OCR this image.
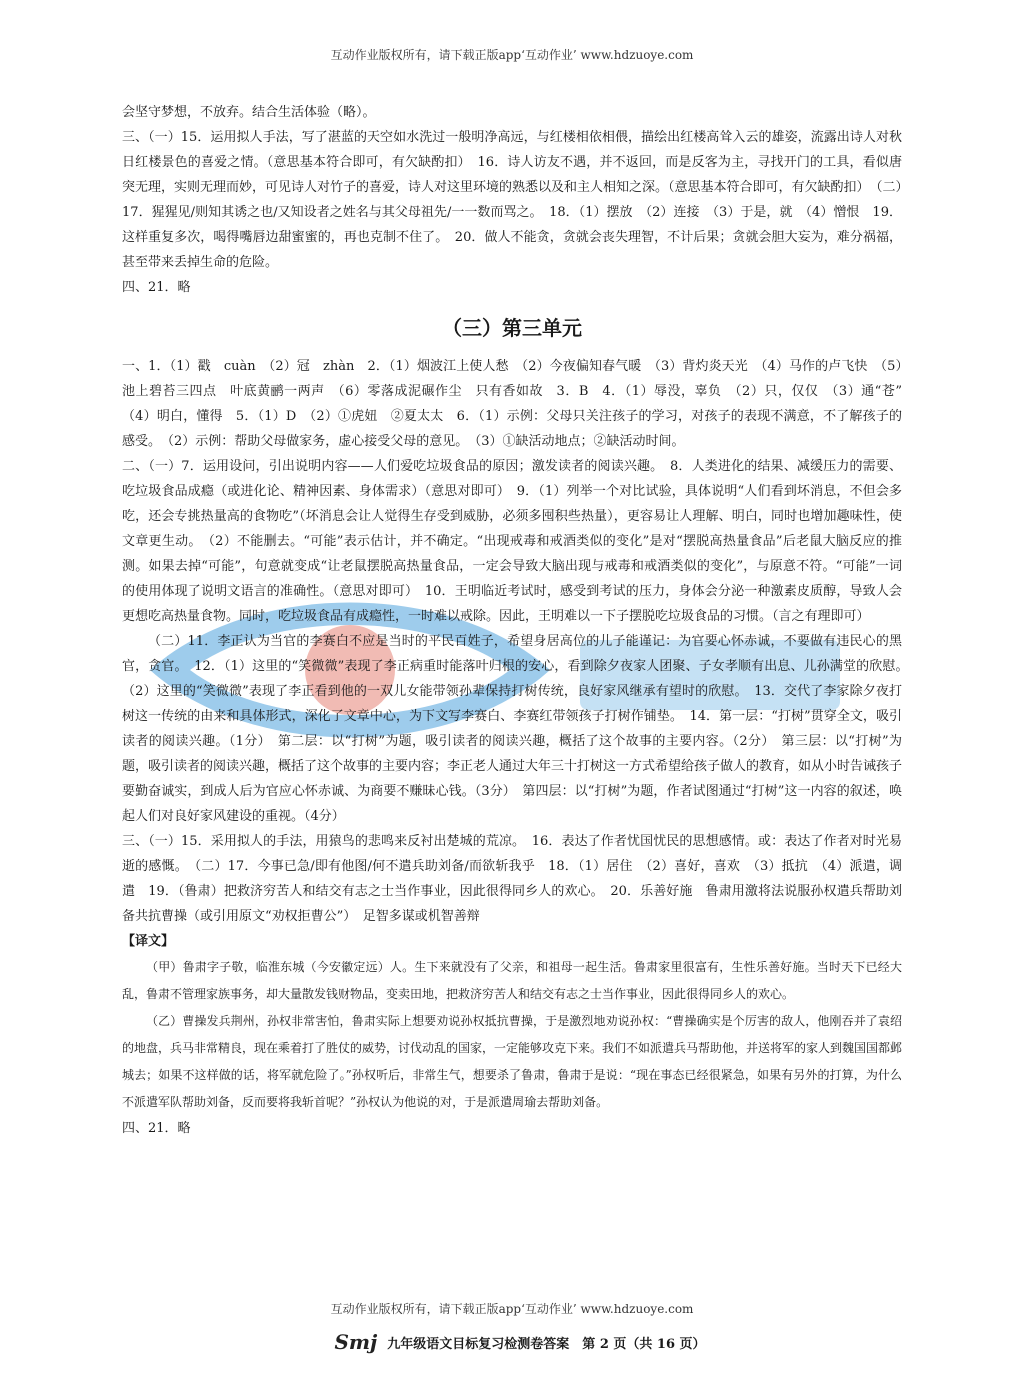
互动作业版权所有，请下载正版app‘互动作业’ www.hdzuoye.com

会坚守梦想，不放弃。结合生活体验（略）。

三、（一）15．运用拟人手法，写了湛蓝的天空如水洗过一般明净高远，与红楼相依相偎，描绘出红楼高耸入云的雄姿，流露出诗人对秋日红楼景色的喜爱之情。（意思基本符合即可，有欠缺酌扣）　16．诗人访友不遇，并不返回，而是反客为主，寻找开门的工具，看似唐突无理，实则无理而妙，可见诗人对竹子的喜爱，诗人对这里环境的熟悉以及和主人相知之深。（意思基本符合即可，有欠缺酌扣）　（二）17．猩猩见/则知其诱之也/又知设者之姓名与其父母祖先/一一数而骂之。　18．（1）摆放　（2）连接　（3）于是，就　（4）憎恨　19．这样重复多次，喝得嘴唇边甜蜜蜜的，再也克制不住了。　20．做人不能贪，贪就会丧失理智，不计后果；贪就会胆大妄为，难分祸福，甚至带来丢掉生命的危险。

四、21．略

（三）第三单元

一、1．（1）戳　cuàn　（2）冠　zhàn　2．（1）烟波江上使人愁　（2）今夜偏知春气暖　（3）背灼炎天光　（4）马作的卢飞快　（5）池上碧苔三四点　叶底黄鹂一两声　（6）零落成泥碾作尘　只有香如故　3．B　4．（1）辱没，辜负　（2）只，仅仅　（3）通“苍”　（4）明白，懂得　5．（1）D　（2）①虎妞　②夏太太　6．（1）示例：父母只关注孩子的学习，对孩子的表现不满意，不了解孩子的感受。　（2）示例：帮助父母做家务，虚心接受父母的意见。　（3）①缺活动地点；②缺活动时间。

二、（一）7．运用设问，引出说明内容——人们爱吃垃圾食品的原因；激发读者的阅读兴趣。　8．人类进化的结果、减缓压力的需要、吃垃圾食品成瘾（或进化论、精神因素、身体需求）（意思对即可）　9．（1）列举一个对比试验，具体说明“人们看到坏消息，不但会多吃，还会专挑热量高的食物吃”（坏消息会让人觉得生存受到威胁，必须多囤积些热量），更容易让人理解、明白，同时也增加趣味性，使文章更生动。　（2）不能删去。“可能”表示估计，并不确定。“出现戒毒和戒酒类似的变化”是对“摆脱高热量食品”后老鼠大脑反应的推测。如果去掉“可能”，句意就变成“让老鼠摆脱高热量食品，一定会导致大脑出现与戒毒和戒酒类似的变化”，与原意不符。“可能”一词的使用体现了说明文语言的准确性。（意思对即可）　10．王明临近考试时，感受到考试的压力，身体会分泌一种激素皮质醇，导致人会更想吃高热量食物。同时，吃垃圾食品有成瘾性，一时难以戒除。因此，王明难以一下子摆脱吃垃圾食品的习惯。（言之有理即可）

（二）11．李正认为当官的李赛白不应是当时的平民百姓子，希望身居高位的儿子能谨记：为官要心怀赤诚，不要做有违民心的黑官，贪官。　12．（1）这里的“笑微微”表现了李正病重时能落叶归根的安心，看到除夕夜家人团聚、子女孝顺有出息、儿孙满堂的欣慰。　（2）这里的“笑微微”表现了李正看到他的一双儿女能带领孙辈保持打树传统，良好家风继承有望时的欣慰。　13．交代了李家除夕夜打树这一传统的由来和具体形式，深化了文章中心，为下文写李赛白、李赛红带领孩子打树作铺垫。　14．第一层：“打树”贯穿全文，吸引读者的阅读兴趣。（1分）　第二层：以“打树”为题，吸引读者的阅读兴趣，概括了这个故事的主要内容。（2分）　第三层：以“打树”为题，吸引读者的阅读兴趣，概括了这个故事的主要内容；李正老人通过大年三十打树这一方式希望给孩子做人的教育，如从小时告诫孩子要勤奋诚实，到成人后为官应心怀赤诚、为商要不赚昧心钱。（3分）　第四层：以“打树”为题，作者试图通过“打树”这一内容的叙述，唤起人们对良好家风建设的重视。（4分）

三、（一）15．采用拟人的手法，用猿鸟的悲鸣来反衬出楚城的荒凉。　16．表达了作者忧国忧民的思想感情。或：表达了作者对时光易逝的感慨。　（二）17．今事已急/即有他图/何不遣兵助刘备/而欲斩我乎　18．（1）居住　（2）喜好，喜欢　（3）抵抗　（4）派遣，调遣　19．（鲁肃）把救济穷苦人和结交有志之士当作事业，因此很得同乡人的欢心。　20．乐善好施　鲁肃用激将法说服孙权遣兵帮助刘备共抗曹操（或引用原文“劝权拒曹公”）　足智多谋或机智善辩

【译文】

（甲）鲁肃字子敬，临淮东城（今安徽定远）人。生下来就没有了父亲，和祖母一起生活。鲁肃家里很富有，生性乐善好施。当时天下已经大乱，鲁肃不管理家族事务，却大量散发钱财物品，变卖田地，把救济穷苦人和结交有志之士当作事业，因此很得同乡人的欢心。

（乙）曹操发兵荆州，孙权非常害怕，鲁肃实际上想要劝说孙权抵抗曹操，于是激烈地劝说孙权：“曹操确实是个厉害的敌人，他刚吞并了袁绍的地盘，兵马非常精良，现在乘着打了胜仗的威势，讨伐动乱的国家，一定能够攻克下来。我们不如派遣兵马帮助他，并送将军的家人到魏国国都邺城去；如果不这样做的话，将军就危险了。”孙权听后，非常生气，想要杀了鲁肃，鲁肃于是说：“现在事态已经很紧急，如果有另外的打算，为什么不派遣军队帮助刘备，反而要将我斩首呢？”孙权认为他说的对，于是派遣周瑜去帮助刘备。

四、21．略

互动作业版权所有，请下载正版app‘互动作业’ www.hdzuoye.com
Smj 九年级语文目标复习检测卷答案　第 2 页（共 16 页）
